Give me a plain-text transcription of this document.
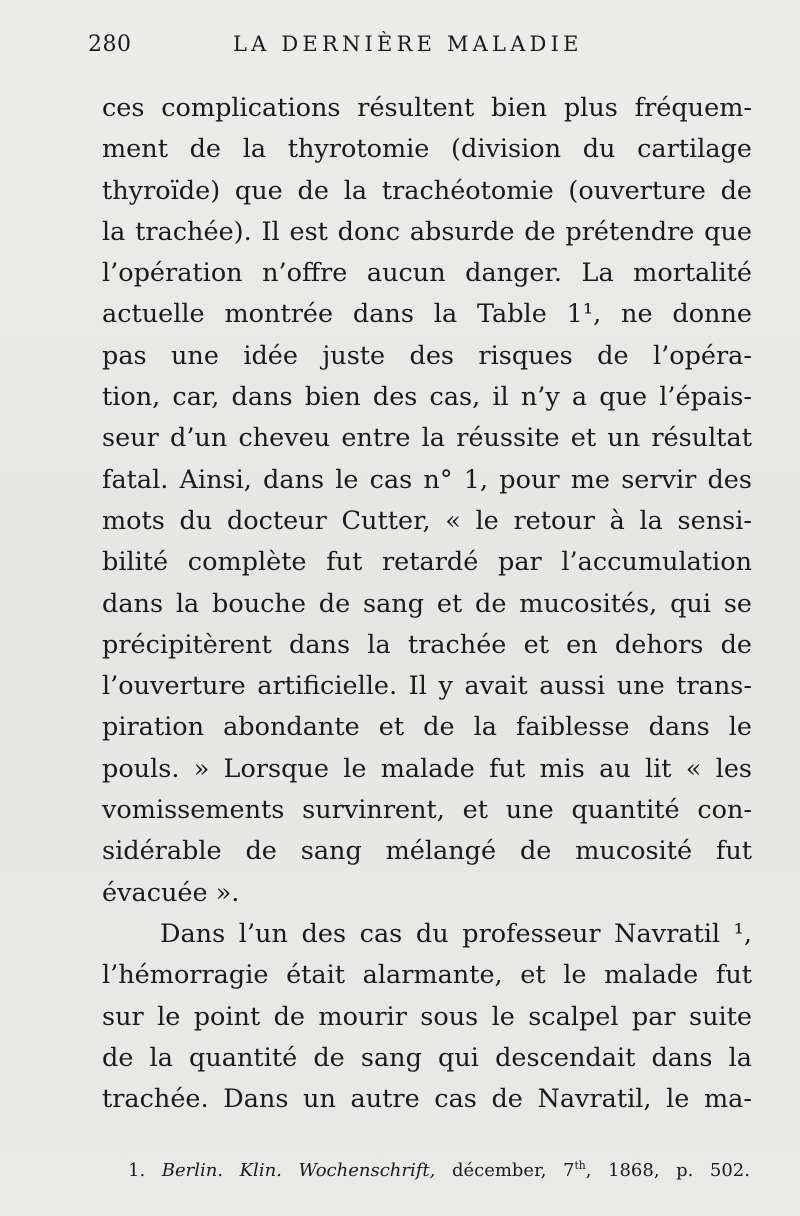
280	LA DERNIÈRE MALADIE
ces complications résultent bien plus fréquem-
ment de la thyrotomie (division du cartilage
thyroïde) que de la trachéotomie (ouverture de
la trachée). Il est donc absurde de prétendre que
l’opération n’offre aucun danger. La mortalité
actuelle montrée dans la Table 1¹, ne donne
pas une idée juste des risques de l’opéra-
tion, car, dans bien des cas, il n’y a que l’épais-
seur d’un cheveu entre la réussite et un résultat
fatal. Ainsi, dans le cas n° 1, pour me servir des
mots du docteur Cutter, « le retour à la sensi-
bilité complète fut retardé par l’accumulation
dans la bouche de sang et de mucosités, qui se
précipitèrent dans la trachée et en dehors de
l’ouverture artificielle. Il y avait aussi une trans-
piration abondante et de la faiblesse dans le
pouls. » Lorsque le malade fut mis au lit « les
vomissements survinrent, et une quantité con-
sidérable de sang mélangé de mucosité fut
évacuée ».
Dans l’un des cas du professeur Navratil ¹,
l’hémorragie était alarmante, et le malade fut
sur le point de mourir sous le scalpel par suite
de la quantité de sang qui descendait dans la
trachée. Dans un autre cas de Navratil, le ma-
1. Berlin. Klin. Wochenschrift, décember, 7th, 1868, p. 502.
